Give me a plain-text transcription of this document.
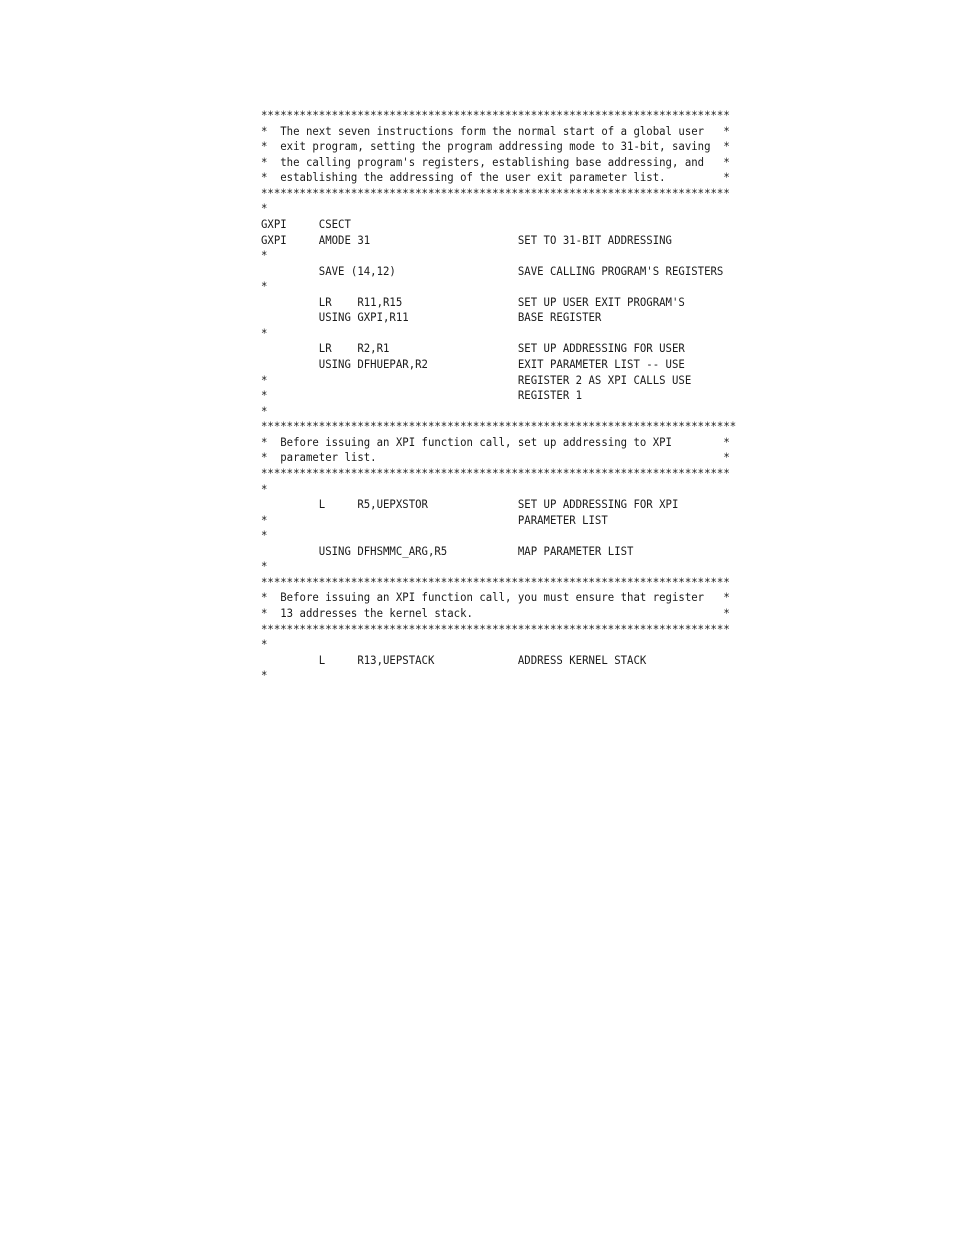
*************************************************************************
*  The next seven instructions form the normal start of a global user   *
*  exit program, setting the program addressing mode to 31-bit, saving  *
*  the calling program's registers, establishing base addressing, and   *
*  establishing the addressing of the user exit parameter list.         *
*************************************************************************
*
GXPI     CSECT
GXPI     AMODE 31                       SET TO 31-BIT ADDRESSING
*
SAVE (14,12)                   SAVE CALLING PROGRAM'S REGISTERS
*
LR    R11,R15                  SET UP USER EXIT PROGRAM'S
USING GXPI,R11                 BASE REGISTER
*
LR    R2,R1                    SET UP ADDRESSING FOR USER
USING DFHUEPAR,R2              EXIT PARAMETER LIST -- USE
*                                       REGISTER 2 AS XPI CALLS USE
*                                       REGISTER 1
*
**************************************************************************
*  Before issuing an XPI function call, set up addressing to XPI        *
*  parameter list.                                                      *
*************************************************************************
*
L     R5,UEPXSTOR              SET UP ADDRESSING FOR XPI
*                                       PARAMETER LIST
*
USING DFHSMMC_ARG,R5           MAP PARAMETER LIST
*
*************************************************************************
*  Before issuing an XPI function call, you must ensure that register   *
*  13 addresses the kernel stack.                                       *
*************************************************************************
*
L     R13,UEPSTACK             ADDRESS KERNEL STACK
*
